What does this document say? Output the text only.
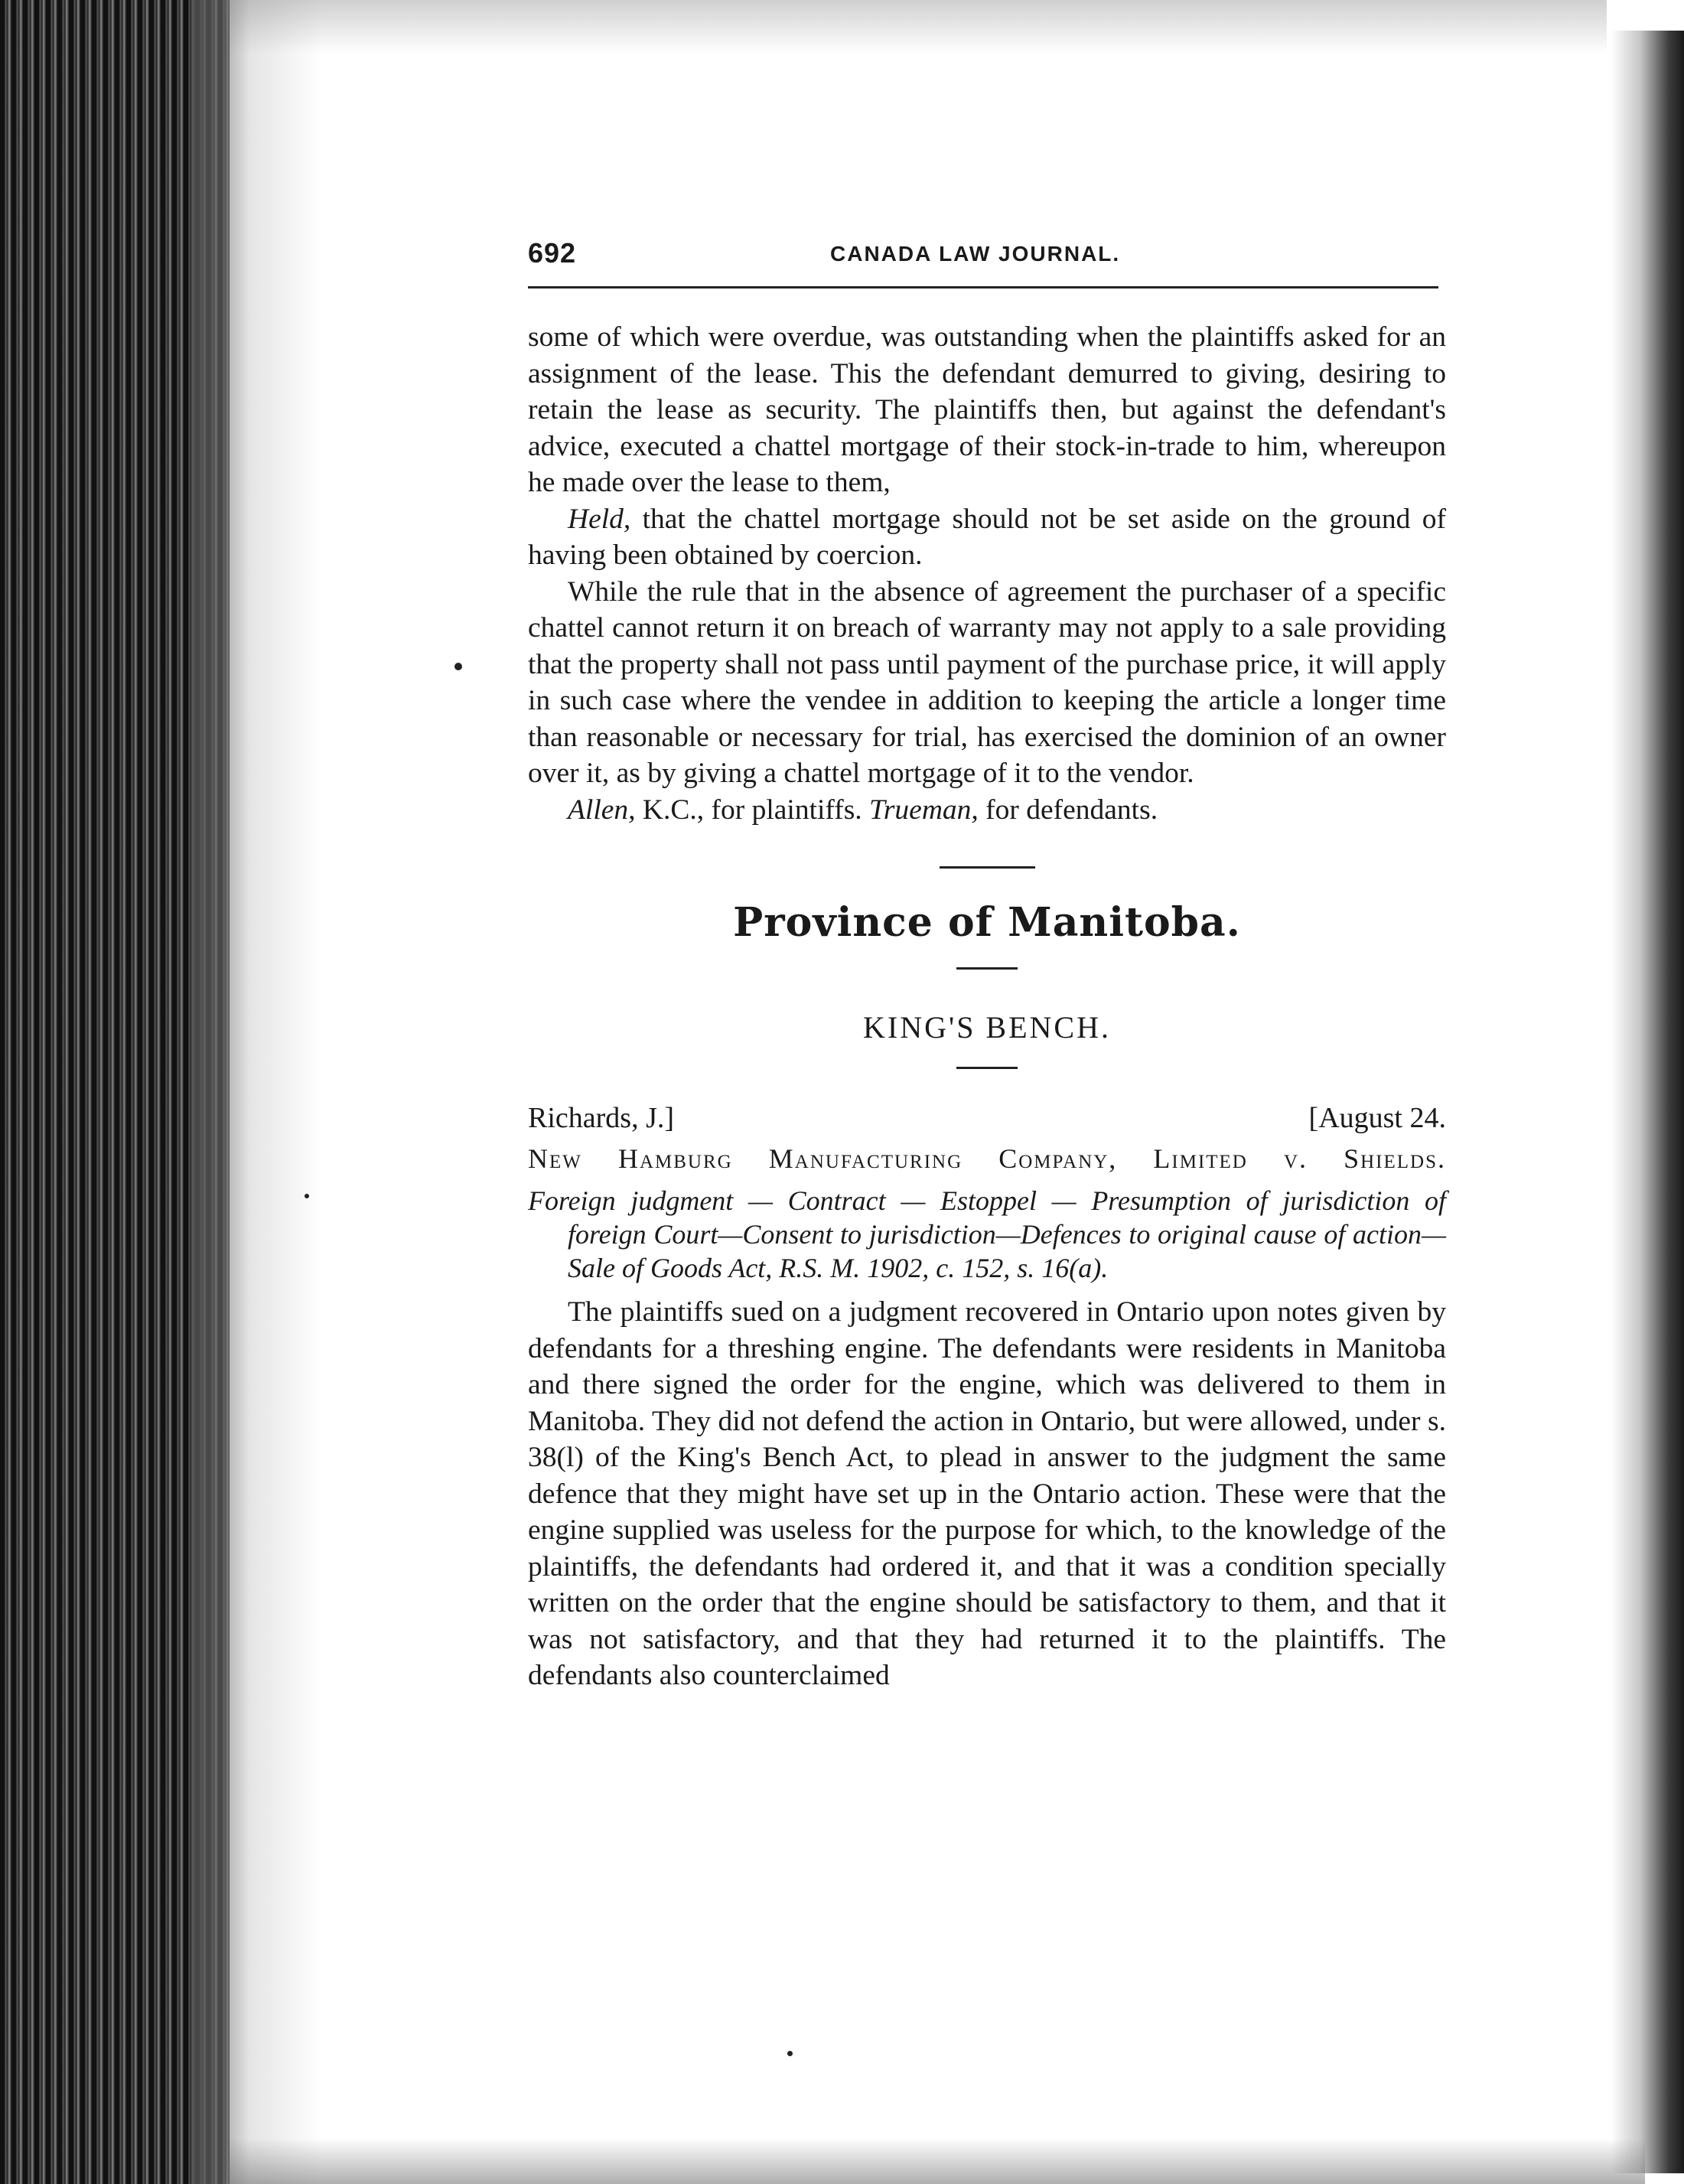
692	CANADA LAW JOURNAL.

some of which were overdue, was outstanding when the plaintiffs asked for an assignment of the lease. This the defendant demurred to giving, desiring to retain the lease as security. The plaintiffs then, but against the defendant's advice, executed a chattel mortgage of their stock-in-trade to him, whereupon he made over the lease to them,

Held, that the chattel mortgage should not be set aside on the ground of having been obtained by coercion.

While the rule that in the absence of agreement the purchaser of a specific chattel cannot return it on breach of warranty may not apply to a sale providing that the property shall not pass until payment of the purchase price, it will apply in such case where the vendee in addition to keeping the article a longer time than reasonable or necessary for trial, has exercised the dominion of an owner over it, as by giving a chattel mortgage of it to the vendor.

Allen, K.C., for plaintiffs. Trueman, for defendants.

Province of Manitoba.
KING'S BENCH.
Richards, J.]	[August 24.
New Hamburg Manufacturing Company, Limited v. Shields.
Foreign judgment — Contract — Estoppel — Presumption of jurisdiction of foreign Court—Consent to jurisdiction—Defences to original cause of action—Sale of Goods Act, R.S. M. 1902, c. 152, s. 16(a).

The plaintiffs sued on a judgment recovered in Ontario upon notes given by defendants for a threshing engine. The defendants were residents in Manitoba and there signed the order for the engine, which was delivered to them in Manitoba. They did not defend the action in Ontario, but were allowed, under s. 38(l) of the King's Bench Act, to plead in answer to the judgment the same defence that they might have set up in the Ontario action. These were that the engine supplied was useless for the purpose for which, to the knowledge of the plaintiffs, the defendants had ordered it, and that it was a condition specially written on the order that the engine should be satisfactory to them, and that it was not satisfactory, and that they had returned it to the plaintiffs. The defendants also counterclaimed
